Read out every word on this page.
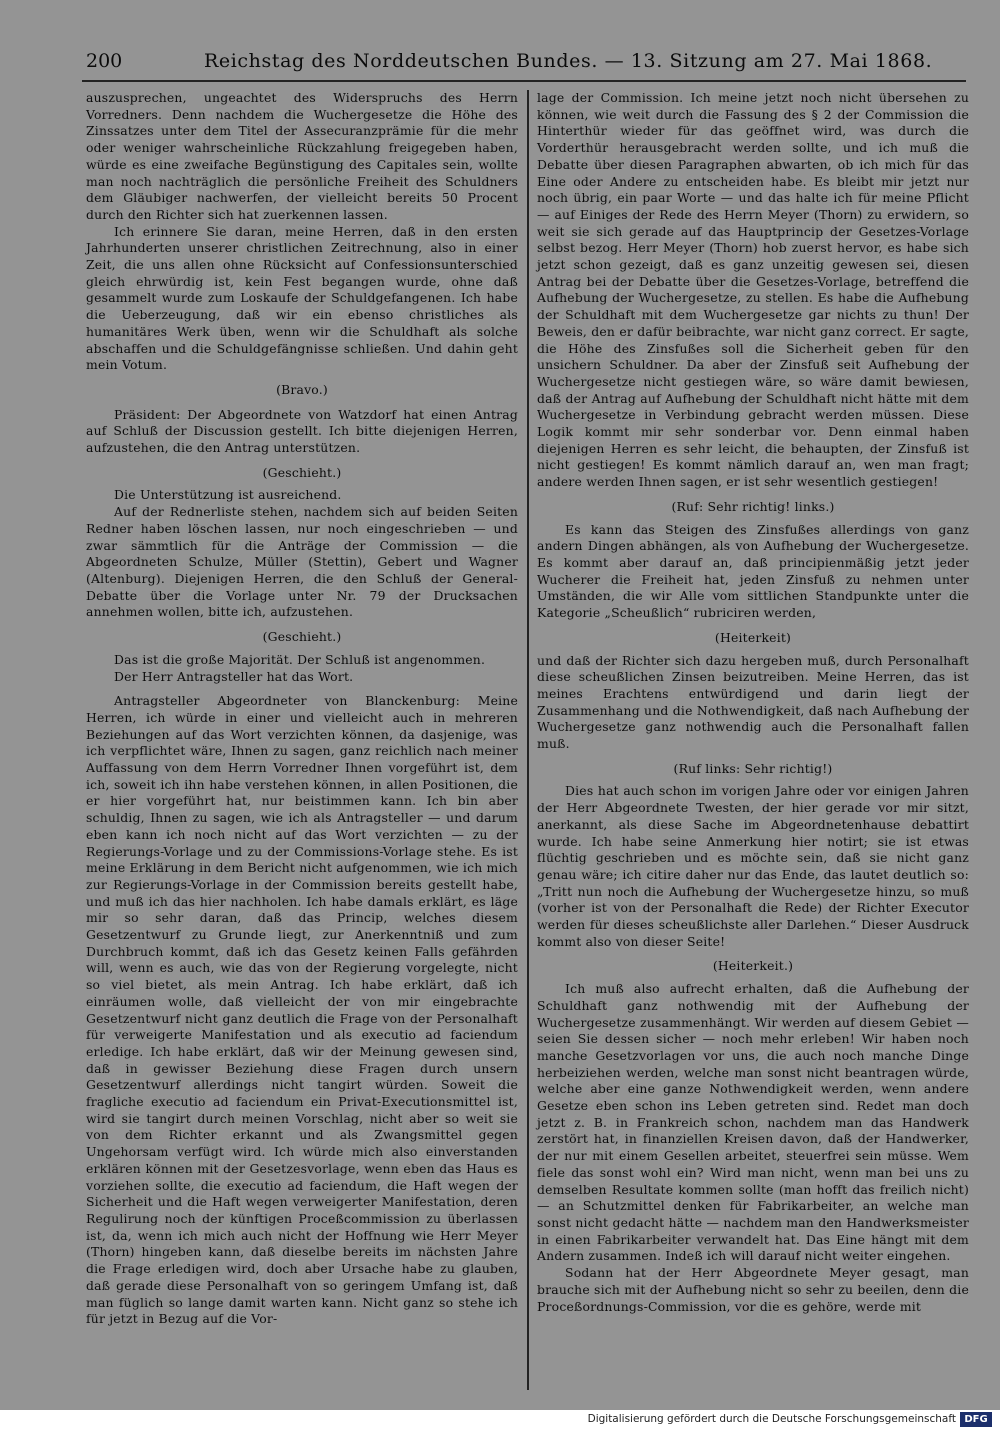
200	Reichstag des Norddeutschen Bundes. — 13. Sitzung am 27. Mai 1868.

auszusprechen, ungeachtet des Widerspruchs des Herrn Vorredners. Denn nachdem die Wuchergesetze die Höhe des Zinssatzes unter dem Titel der Assecuranzprämie für die mehr oder weniger wahrscheinliche Rückzahlung freigegeben haben, würde es eine zweifache Begünstigung des Capitales sein, wollte man noch nachträglich die persönliche Freiheit des Schuldners dem Gläubiger nachwerfen, der vielleicht bereits 50 Procent durch den Richter sich hat zuerkennen lassen.

Ich erinnere Sie daran, meine Herren, daß in den ersten Jahrhunderten unserer christlichen Zeitrechnung, also in einer Zeit, die uns allen ohne Rücksicht auf Confessionsunterschied gleich ehrwürdig ist, kein Fest begangen wurde, ohne daß gesammelt wurde zum Loskaufe der Schuldgefangenen. Ich habe die Ueberzeugung, daß wir ein ebenso christliches als humanitäres Werk üben, wenn wir die Schuldhaft als solche abschaffen und die Schuldgefängnisse schließen. Und dahin geht mein Votum.

(Bravo.)

Präsident: Der Abgeordnete von Watzdorf hat einen Antrag auf Schluß der Discussion gestellt. Ich bitte diejenigen Herren, aufzustehen, die den Antrag unterstützen.

(Geschieht.)

Die Unterstützung ist ausreichend.

Auf der Rednerliste stehen, nachdem sich auf beiden Seiten Redner haben löschen lassen, nur noch eingeschrieben — und zwar sämmtlich für die Anträge der Commission — die Abgeordneten Schulze, Müller (Stettin), Gebert und Wagner (Altenburg). Diejenigen Herren, die den Schluß der General-Debatte über die Vorlage unter Nr. 79 der Drucksachen annehmen wollen, bitte ich, aufzustehen.

(Geschieht.)

Das ist die große Majorität. Der Schluß ist angenommen.

Der Herr Antragsteller hat das Wort.

Antragsteller Abgeordneter von Blanckenburg: Meine Herren, ich würde in einer und vielleicht auch in mehreren Beziehungen auf das Wort verzichten können, da dasjenige, was ich verpflichtet wäre, Ihnen zu sagen, ganz reichlich nach meiner Auffassung von dem Herrn Vorredner Ihnen vorgeführt ist, dem ich, soweit ich ihn habe verstehen können, in allen Positionen, die er hier vorgeführt hat, nur beistimmen kann. Ich bin aber schuldig, Ihnen zu sagen, wie ich als Antragsteller — und darum eben kann ich noch nicht auf das Wort verzichten — zu der Regierungs-Vorlage und zu der Commissions-Vorlage stehe. Es ist meine Erklärung in dem Bericht nicht aufgenommen, wie ich mich zur Regierungs-Vorlage in der Commission bereits gestellt habe, und muß ich das hier nachholen. Ich habe damals erklärt, es läge mir so sehr daran, daß das Princip, welches diesem Gesetzentwurf zu Grunde liegt, zur Anerkenntniß und zum Durchbruch kommt, daß ich das Gesetz keinen Falls gefährden will, wenn es auch, wie das von der Regierung vorgelegte, nicht so viel bietet, als mein Antrag. Ich habe erklärt, daß ich einräumen wolle, daß vielleicht der von mir eingebrachte Gesetzentwurf nicht ganz deutlich die Frage von der Personalhaft für verweigerte Manifestation und als executio ad faciendum erledige. Ich habe erklärt, daß wir der Meinung gewesen sind, daß in gewisser Beziehung diese Fragen durch unsern Gesetzentwurf allerdings nicht tangirt würden. Soweit die fragliche executio ad faciendum ein Privat-Executionsmittel ist, wird sie tangirt durch meinen Vorschlag, nicht aber so weit sie von dem Richter erkannt und als Zwangsmittel gegen Ungehorsam verfügt wird. Ich würde mich also einverstanden erklären können mit der Gesetzesvorlage, wenn eben das Haus es vorziehen sollte, die executio ad faciendum, die Haft wegen der Sicherheit und die Haft wegen verweigerter Manifestation, deren Regulirung noch der künftigen Proceßcommission zu überlassen ist, da, wenn ich mich auch nicht der Hoffnung wie Herr Meyer (Thorn) hingeben kann, daß dieselbe bereits im nächsten Jahre die Frage erledigen wird, doch aber Ursache habe zu glauben, daß gerade diese Personalhaft von so geringem Umfang ist, daß man füglich so lange damit warten kann. Nicht ganz so stehe ich für jetzt in Bezug auf die Vor-

lage der Commission. Ich meine jetzt noch nicht übersehen zu können, wie weit durch die Fassung des § 2 der Commission die Hinterthür wieder für das geöffnet wird, was durch die Vorderthür herausgebracht werden sollte, und ich muß die Debatte über diesen Paragraphen abwarten, ob ich mich für das Eine oder Andere zu entscheiden habe. Es bleibt mir jetzt nur noch übrig, ein paar Worte — und das halte ich für meine Pflicht — auf Einiges der Rede des Herrn Meyer (Thorn) zu erwidern, so weit sie sich gerade auf das Hauptprincip der Gesetzes-Vorlage selbst bezog. Herr Meyer (Thorn) hob zuerst hervor, es habe sich jetzt schon gezeigt, daß es ganz unzeitig gewesen sei, diesen Antrag bei der Debatte über die Gesetzes-Vorlage, betreffend die Aufhebung der Wuchergesetze, zu stellen. Es habe die Aufhebung der Schuldhaft mit dem Wuchergesetze gar nichts zu thun! Der Beweis, den er dafür beibrachte, war nicht ganz correct. Er sagte, die Höhe des Zinsfußes soll die Sicherheit geben für den unsichern Schuldner. Da aber der Zinsfuß seit Aufhebung der Wuchergesetze nicht gestiegen wäre, so wäre damit bewiesen, daß der Antrag auf Aufhebung der Schuldhaft nicht hätte mit dem Wuchergesetze in Verbindung gebracht werden müssen. Diese Logik kommt mir sehr sonderbar vor. Denn einmal haben diejenigen Herren es sehr leicht, die behaupten, der Zinsfuß ist nicht gestiegen! Es kommt nämlich darauf an, wen man fragt; andere werden Ihnen sagen, er ist sehr wesentlich gestiegen!

(Ruf: Sehr richtig! links.)

Es kann das Steigen des Zinsfußes allerdings von ganz andern Dingen abhängen, als von Aufhebung der Wuchergesetze. Es kommt aber darauf an, daß principienmäßig jetzt jeder Wucherer die Freiheit hat, jeden Zinsfuß zu nehmen unter Umständen, die wir Alle vom sittlichen Standpunkte unter die Kategorie „Scheußlich“ rubriciren werden,

(Heiterkeit)

und daß der Richter sich dazu hergeben muß, durch Personalhaft diese scheußlichen Zinsen beizutreiben. Meine Herren, das ist meines Erachtens entwürdigend und darin liegt der Zusammenhang und die Nothwendigkeit, daß nach Aufhebung der Wuchergesetze ganz nothwendig auch die Personalhaft fallen muß.

(Ruf links: Sehr richtig!)

Dies hat auch schon im vorigen Jahre oder vor einigen Jahren der Herr Abgeordnete Twesten, der hier gerade vor mir sitzt, anerkannt, als diese Sache im Abgeordnetenhause debattirt wurde. Ich habe seine Anmerkung hier notirt; sie ist etwas flüchtig geschrieben und es möchte sein, daß sie nicht ganz genau wäre; ich citire daher nur das Ende, das lautet deutlich so: „Tritt nun noch die Aufhebung der Wuchergesetze hinzu, so muß (vorher ist von der Personalhaft die Rede) der Richter Executor werden für dieses scheußlichste aller Darlehen.“ Dieser Ausdruck kommt also von dieser Seite!

(Heiterkeit.)

Ich muß also aufrecht erhalten, daß die Aufhebung der Schuldhaft ganz nothwendig mit der Aufhebung der Wuchergesetze zusammenhängt. Wir werden auf diesem Gebiet — seien Sie dessen sicher — noch mehr erleben! Wir haben noch manche Gesetzvorlagen vor uns, die auch noch manche Dinge herbeiziehen werden, welche man sonst nicht beantragen würde, welche aber eine ganze Nothwendigkeit werden, wenn andere Gesetze eben schon ins Leben getreten sind. Redet man doch jetzt z. B. in Frankreich schon, nachdem man das Handwerk zerstört hat, in finanziellen Kreisen davon, daß der Handwerker, der nur mit einem Gesellen arbeitet, steuerfrei sein müsse. Wem fiele das sonst wohl ein? Wird man nicht, wenn man bei uns zu demselben Resultate kommen sollte (man hofft das freilich nicht) — an Schutzmittel denken für Fabrikarbeiter, an welche man sonst nicht gedacht hätte — nachdem man den Handwerksmeister in einen Fabrikarbeiter verwandelt hat. Das Eine hängt mit dem Andern zusammen. Indeß ich will darauf nicht weiter eingehen.

Sodann hat der Herr Abgeordnete Meyer gesagt, man brauche sich mit der Aufhebung nicht so sehr zu beeilen, denn die Proceßordnungs-Commission, vor die es gehöre, werde mit

Digitalisierung gefördert durch die Deutsche Forschungsgemeinschaft DFG
